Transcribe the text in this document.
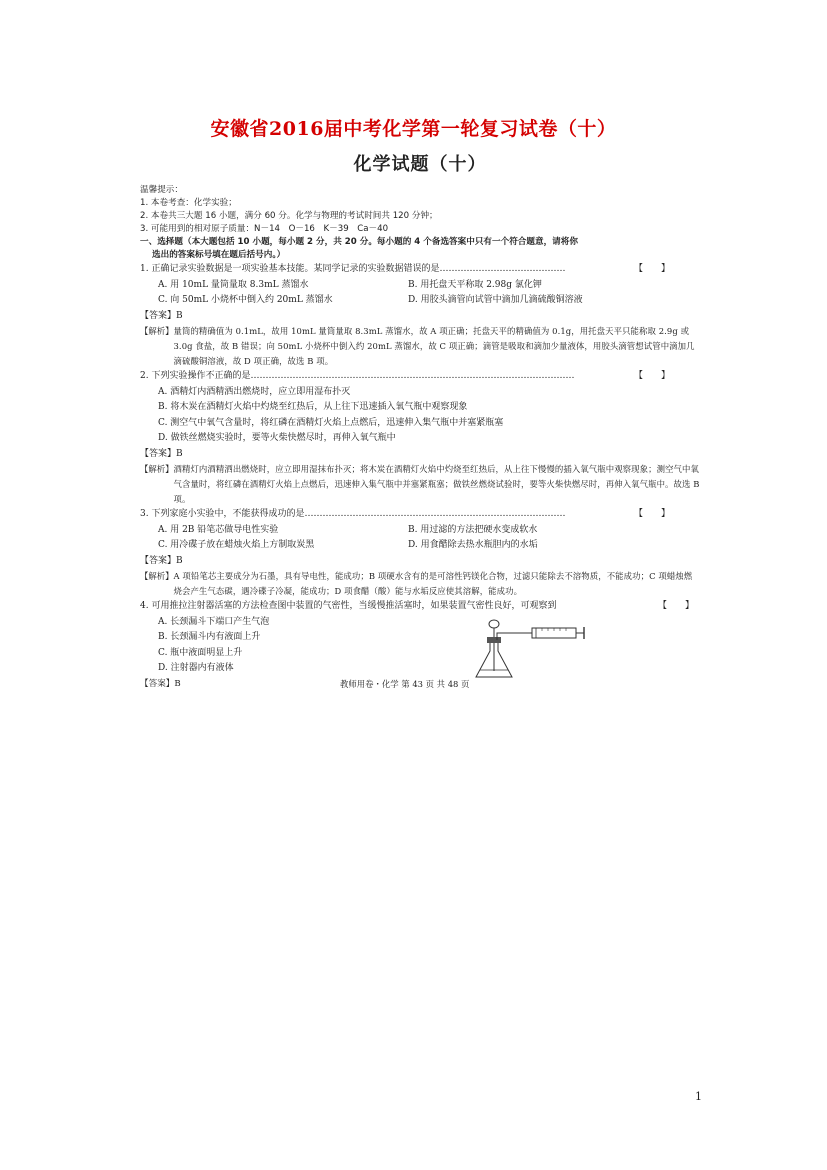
安徽省2016届中考化学第一轮复习试卷（十）
化学试题（十）
温馨提示：
1. 本卷考查：化学实验；
2. 本卷共三大题 16 小题，满分 60 分。化学与物理的考试时间共 120 分钟；
3. 可能用到的相对原子质量：N－14　O－16　K－39　Ca－40
一、选择题（本大题包括 10 小题，每小题 2 分，共 20 分。每小题的 4 个备选答案中只有一个符合题意，请将你
选出的答案标号填在题后括号内。）
1. 正确记录实验数据是一项实验基本技能。某同学记录的实验数据错误的是……………………………………	【　　】
A. 用 10mL 量筒量取 8.3mL 蒸馏水	B. 用托盘天平称取 2.98g 氯化钾
C. 向 50mL 小烧杯中倒入约 20mL 蒸馏水	D. 用胶头滴管向试管中滴加几滴硫酸铜溶液
【答案】B
【解析】 量筒的精确值为 0.1mL，故用 10mL 量筒量取 8.3mL 蒸馏水，故 A 项正确；托盘天平的精确值为 0.1g，用托盘天平只能称取 2.9g 或 3.0g 食盐，故 B 错误；向 50mL 小烧杯中倒入约 20mL 蒸馏水，故 C 项正确；滴管是吸取和滴加少量液体，用胶头滴管想试管中滴加几滴硫酸铜溶液，故 D 项正确，故选 B 项。
2. 下列实验操作不正确的是………………………………………………………………………………………………	【　　】
A. 酒精灯内酒精洒出燃烧时，应立即用湿布扑灭
B. 将木炭在酒精灯火焰中灼烧至红热后，从上往下迅速插入氧气瓶中观察现象
C. 测空气中氧气含量时，将红磷在酒精灯火焰上点燃后，迅速伸入集气瓶中并塞紧瓶塞
D. 做铁丝燃烧实验时，要等火柴快燃尽时，再伸入氧气瓶中
【答案】B
【解析】 酒精灯内酒精洒出燃烧时，应立即用湿抹布扑灭；将木炭在酒精灯火焰中灼烧至红热后，从上往下慢慢的插入氧气瓶中观察现象；测空气中氧气含量时，将红磷在酒精灯火焰上点燃后，迅速伸入集气瓶中并塞紧瓶塞；做铁丝燃烧试验时，要等火柴快燃尽时，再伸入氧气瓶中。故选 B 项。
3. 下列家庭小实验中，不能获得成功的是……………………………………………………………………………	【　　】
A. 用 2B 铅笔芯做导电性实验	B. 用过滤的方法把硬水变成软水
C. 用冷碟子放在蜡烛火焰上方制取炭黑	D. 用食醋除去热水瓶胆内的水垢
【答案】B
【解析】 A 项铅笔芯主要成分为石墨，具有导电性，能成功；B 项硬水含有的是可溶性钙镁化合物，过滤只能除去不溶物质，不能成功；C 项蜡烛燃烧会产生气态碳，遇冷碟子冷凝，能成功；D 项食醋（酸）能与水垢反应使其溶解，能成功。
4. 可用推拉注射器活塞的方法检查图中装置的气密性，当缓慢推活塞时，如果装置气密性良好，可观察到	【　　】
A. 长颈漏斗下端口产生气泡
B. 长颈漏斗内有液面上升
C. 瓶中液面明显上升
D. 注射器内有液体
【答案】B	教师用卷・化学 第 43 页 共 48 页
1
